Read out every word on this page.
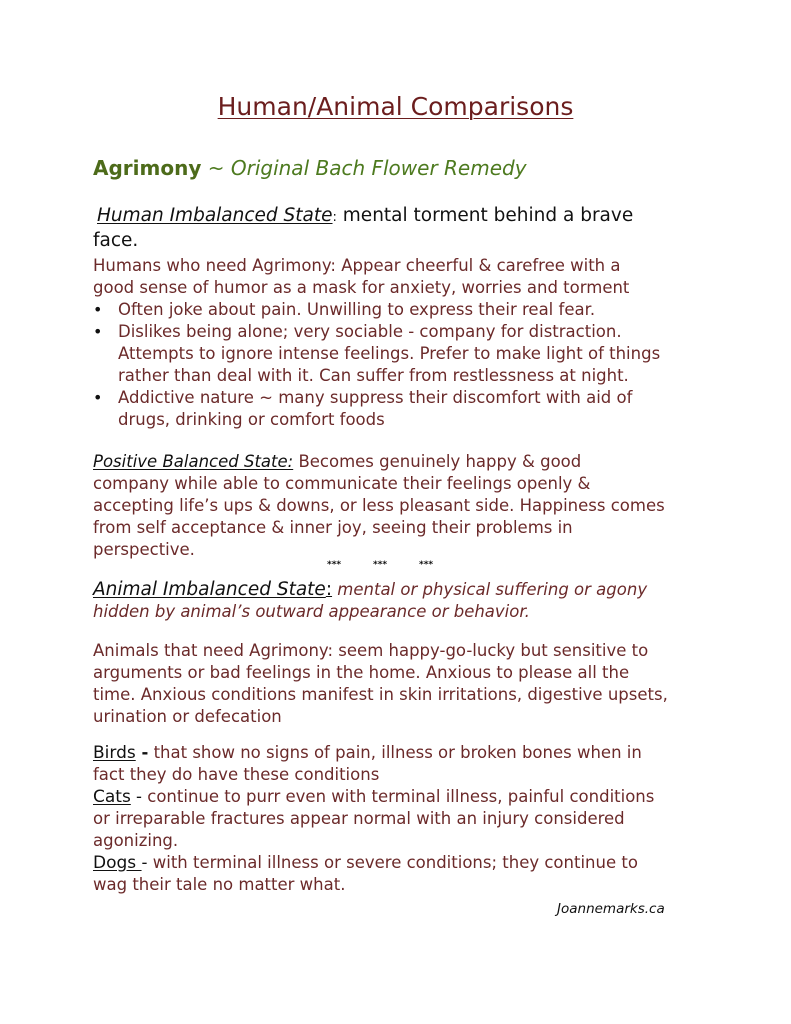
Human/Animal Comparisons
Agrimony ~ Original Bach Flower Remedy
Human Imbalanced State: mental torment behind a brave
face.
Humans who need Agrimony: Appear cheerful & carefree with a
good sense of humor as a mask for anxiety, worries and torment
• Often joke about pain. Unwilling to express their real fear.
• Dislikes being alone; very sociable - company for distraction.
Attempts to ignore intense feelings. Prefer to make light of things
rather than deal with it. Can suffer from restlessness at night.
• Addictive nature ~ many suppress their discomfort with aid of
drugs, drinking or comfort foods
Positive Balanced State: Becomes genuinely happy & good
company while able to communicate their feelings openly &
accepting life’s ups & downs, or less pleasant side. Happiness comes
from self acceptance & inner joy, seeing their problems in
perspective.
***	***	***
Animal Imbalanced State: mental or physical suffering or agony
hidden by animal’s outward appearance or behavior.
Animals that need Agrimony: seem happy-go-lucky but sensitive to
arguments or bad feelings in the home. Anxious to please all the
time. Anxious conditions manifest in skin irritations, digestive upsets,
urination or defecation
Birds - that show no signs of pain, illness or broken bones when in
fact they do have these conditions
Cats - continue to purr even with terminal illness, painful conditions
or irreparable fractures appear normal with an injury considered
agonizing.
Dogs - with terminal illness or severe conditions; they continue to
wag their tale no matter what.
Joannemarks.ca
